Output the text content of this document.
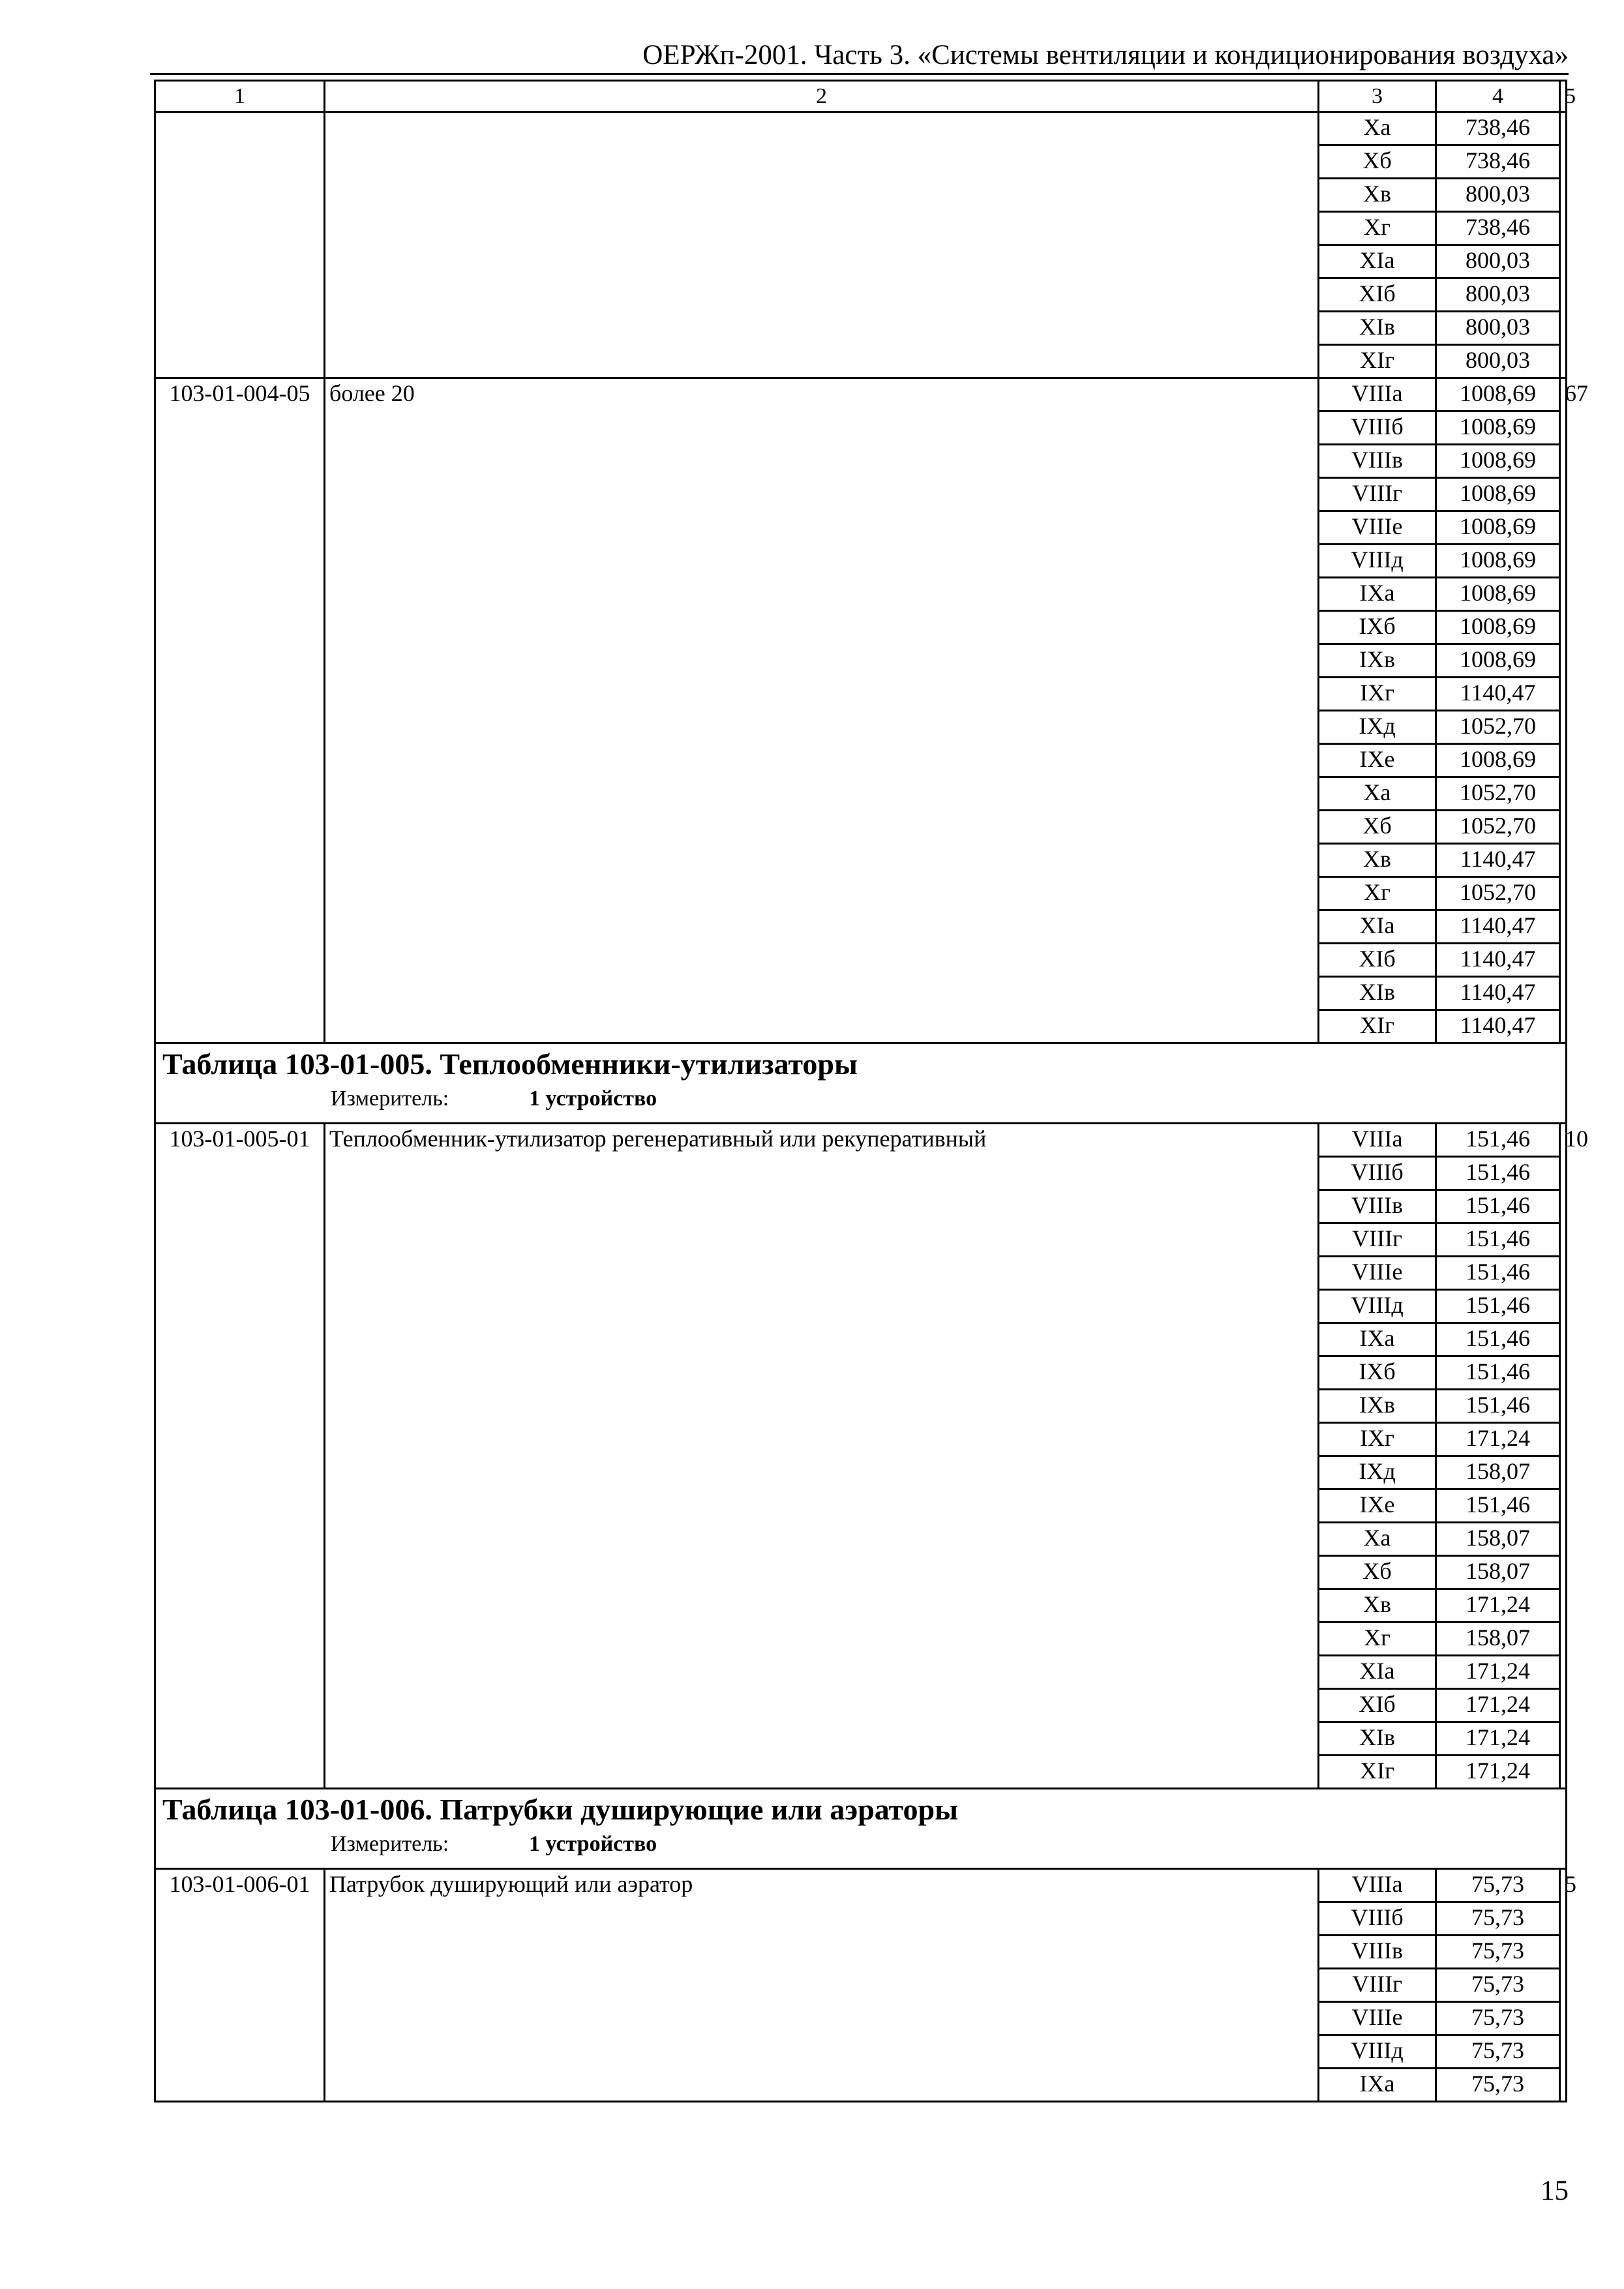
ОЕРЖп-2001. Часть 3. «Системы вентиляции и кондиционирования воздуха»
1	2	3	4	5
		Xa	738,46	
		Xб	738,46	
		Xв	800,03	
		Xг	738,46	
		XIa	800,03	
		XIб	800,03	
		XIв	800,03	
		XIг	800,03	
103-01-004-05	более 20	VIIIa	1008,69	67
		VIIIб	1008,69	
		VIIIв	1008,69	
		VIIIг	1008,69	
		VIIIе	1008,69	
		VIIIд	1008,69	
		IXa	1008,69	
		IXб	1008,69	
		IXв	1008,69	
		IXг	1140,47	
		IXд	1052,70	
		IXе	1008,69	
		Xa	1052,70	
		Xб	1052,70	
		Xв	1140,47	
		Xг	1052,70	
		XIa	1140,47	
		XIб	1140,47	
		XIв	1140,47	
		XIг	1140,47	

Таблица 103-01-005. Теплообменники-утилизаторы
Измеритель: 1 устройство				

103-01-005-01	Теплообменник-утилизатор регенеративный или рекуперативный	VIIIa	151,46	10
		VIIIб	151,46	
		VIIIв	151,46	
		VIIIг	151,46	
		VIIIе	151,46	
		VIIIд	151,46	
		IXa	151,46	
		IXб	151,46	
		IXв	151,46	
		IXг	171,24	
		IXд	158,07	
		IXе	151,46	
		Xa	158,07	
		Xб	158,07	
		Xв	171,24	
		Xг	158,07	
		XIa	171,24	
		XIб	171,24	
		XIв	171,24	
		XIг	171,24	

Таблица 103-01-006. Патрубки душирующие или аэраторы
Измеритель: 1 устройство				

103-01-006-01	Патрубок душирующий или аэратор	VIIIa	75,73	5
		VIIIб	75,73	
		VIIIв	75,73	
		VIIIг	75,73	
		VIIIе	75,73	
		VIIIд	75,73	
		IXa	75,73	
15
